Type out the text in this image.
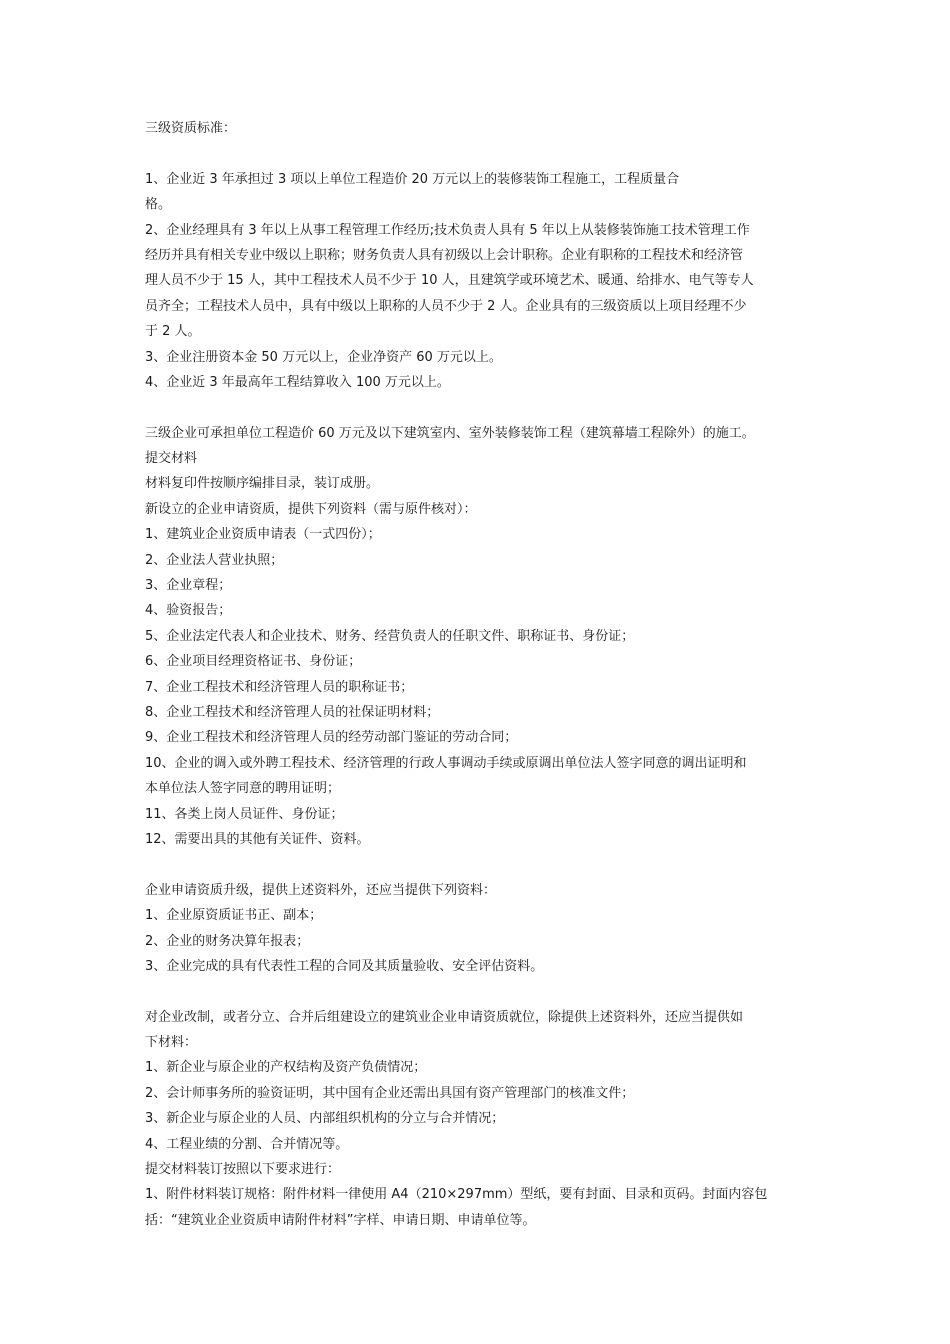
三级资质标准：

1、企业近 3 年承担过 3 项以上单位工程造价 20 万元以上的装修装饰工程施工，工程质量合

格。

2、企业经理具有 3 年以上从事工程管理工作经历;技术负责人具有 5 年以上从装修装饰施工技术管理工作

经历并具有相关专业中级以上职称；财务负责人具有初级以上会计职称。企业有职称的工程技术和经济管

理人员不少于 15 人，其中工程技术人员不少于 10 人，且建筑学或环境艺术、暖通、给排水、电气等专人

员齐全；工程技术人员中，具有中级以上职称的人员不少于 2 人。企业具有的三级资质以上项目经理不少

于 2 人。

3、企业注册资本金 50 万元以上，企业净资产 60 万元以上。

4、企业近 3 年最高年工程结算收入 100 万元以上。

三级企业可承担单位工程造价 60 万元及以下建筑室内、室外装修装饰工程（建筑幕墙工程除外）的施工。

提交材料

材料复印件按顺序编排目录，装订成册。

新设立的企业申请资质，提供下列资料（需与原件核对）：

1、建筑业企业资质申请表（一式四份）；

2、企业法人营业执照；

3、企业章程；

4、验资报告；

5、企业法定代表人和企业技术、财务、经营负责人的任职文件、职称证书、身份证；

6、企业项目经理资格证书、身份证；

7、企业工程技术和经济管理人员的职称证书；

8、企业工程技术和经济管理人员的社保证明材料；

9、企业工程技术和经济管理人员的经劳动部门鉴证的劳动合同；

10、企业的调入或外聘工程技术、经济管理的行政人事调动手续或原调出单位法人签字同意的调出证明和

本单位法人签字同意的聘用证明；

11、各类上岗人员证件、身份证；

12、需要出具的其他有关证件、资料。

企业申请资质升级，提供上述资料外，还应当提供下列资料：

1、企业原资质证书正、副本；

2、企业的财务决算年报表；

3、企业完成的具有代表性工程的合同及其质量验收、安全评估资料。

对企业改制，或者分立、合并后组建设立的建筑业企业申请资质就位，除提供上述资料外，还应当提供如

下材料：

1、新企业与原企业的产权结构及资产负债情况；

2、会计师事务所的验资证明，其中国有企业还需出具国有资产管理部门的核准文件；

3、新企业与原企业的人员、内部组织机构的分立与合并情况；

4、工程业绩的分割、合并情况等。

提交材料装订按照以下要求进行：

1、附件材料装订规格：附件材料一律使用 A4（210×297mm）型纸，要有封面、目录和页码。封面内容包

括：“建筑业企业资质申请附件材料”字样、申请日期、申请单位等。
